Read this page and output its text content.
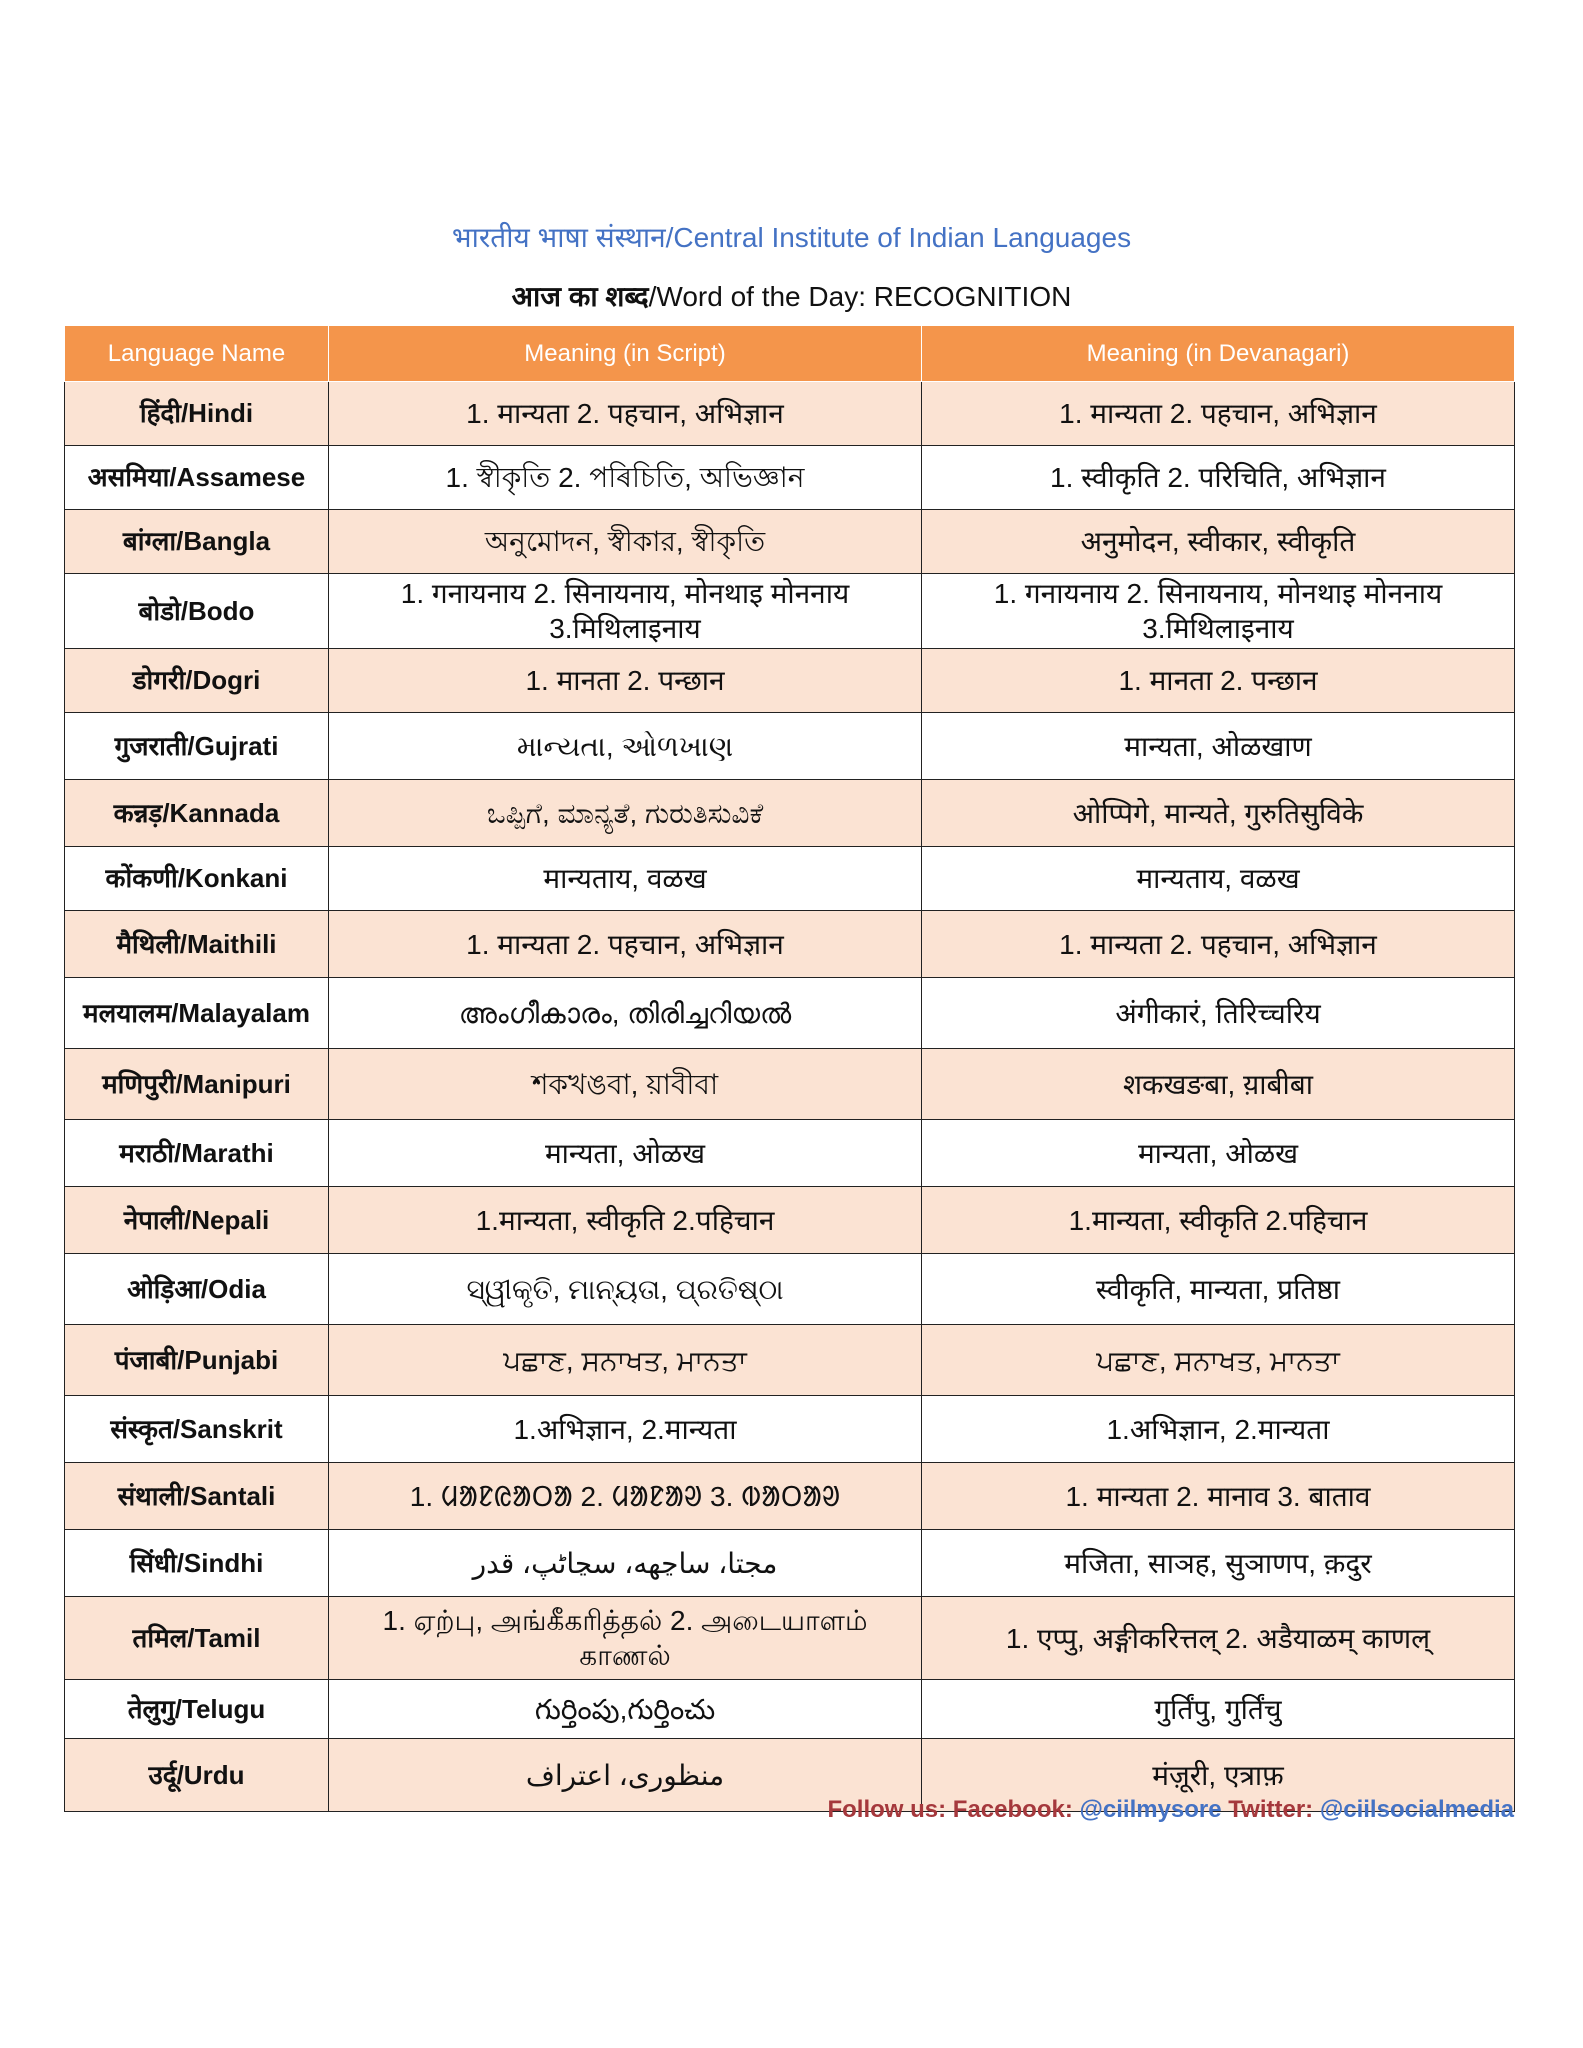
भारतीय भाषा संस्थान/Central Institute of Indian Languages
आज का शब्द/Word of the Day: RECOGNITION
Language Name	Meaning (in Script)	Meaning (in Devanagari)
हिंदी/Hindi	1. मान्यता 2. पहचान, अभिज्ञान	1. मान्यता 2. पहचान, अभिज्ञान
असमिया/Assamese	1. স্বীকৃতি 2. পৰিচিতি, অভিজ্ঞান	1. स्वीकृति 2. परिचिति, अभिज्ञान
बांग्ला/Bangla	অনুমোদন, স্বীকার, স্বীকৃতি	अनुमोदन, स्वीकार, स्वीकृति
बोडो/Bodo	1. गनायनाय 2. सिनायनाय, मोनथाइ मोननाय 3.मिथिलाइनाय	1. गनायनाय 2. सिनायनाय, मोनथाइ मोननाय 3.मिथिलाइनाय
डोगरी/Dogri	1. मानता 2. पन्छान	1. मानता 2. पन्छान
गुजराती/Gujrati	માન્યતા, ઓળખાણ	मान्यता, ओळखाण
कन्नड़/Kannada	ಒಪ್ಪಿಗೆ, ಮಾನ್ಯತೆ, ಗುರುತಿಸುವಿಕೆ	ओप्पिगे, मान्यते, गुरुतिसुविके
कोंकणी/Konkani	मान्यताय, वळख	मान्यताय, वळख
मैथिली/Maithili	1. मान्यता 2. पहचान, अभिज्ञान	1. मान्यता 2. पहचान, अभिज्ञान
मलयालम/Malayalam	അംഗീകാരം, തിരിച്ചറിയൽ	अंगीकारं, तिरिच्चरिय
मणिपुरी/Manipuri	শকখঙবা, য়াবীবা	शकखङबा, य़ाबीबा
मराठी/Marathi	मान्यता, ओळख	मान्यता, ओळख
नेपाली/Nepali	1.मान्यता, स्वीकृति 2.पहिचान	1.मान्यता, स्वीकृति 2.पहिचान
ओड़िआ/Odia	ସ୍ୱୀକୃତି, ମାନ୍ୟତା, ପ୍ରତିଷ୍ଠା	स्वीकृति, मान्यता, प्रतिष्ठा
पंजाबी/Punjabi	ਪਛਾਣ, ਸਨਾਖਤ, ਮਾਨਤਾ	ਪਛਾਣ, ਸਨਾਖਤ, ਮਾਨਤਾ
संस्कृत/Sanskrit	1.अभिज्ञान, 2.मान्यता	1.अभिज्ञान, 2.मान्यता
संथाली/Santali	1. ᱢᱟᱱᱭᱟᱛᱟ 2. ᱢᱟᱱᱟᱣ 3. ᱵᱟᱛᱟᱣ	1. मान्यता 2. मानाव 3. बाताव
सिंधी/Sindhi	مجتا، ساڃهه، سڃاڻپ، قدر	मजिता, साञह, सुञाणप, क़दुर
तमिल/Tamil	1. ஏற்பு, அங்கீகரித்தல் 2. அடையாளம் காணல்	1. एप्पु, अङ्गीकरित्तल् 2. अडैयाळम् काणल्
तेलुगु/Telugu	గుర్తింపు,గుర్తించు	गुर्तिंपु, गुर्तिंचु
उर्दू/Urdu	منظوری، اعتراف	मंज़ूरी, एत्राफ़
Follow us: Facebook: @ciilmysore Twitter: @ciilsocialmedia
